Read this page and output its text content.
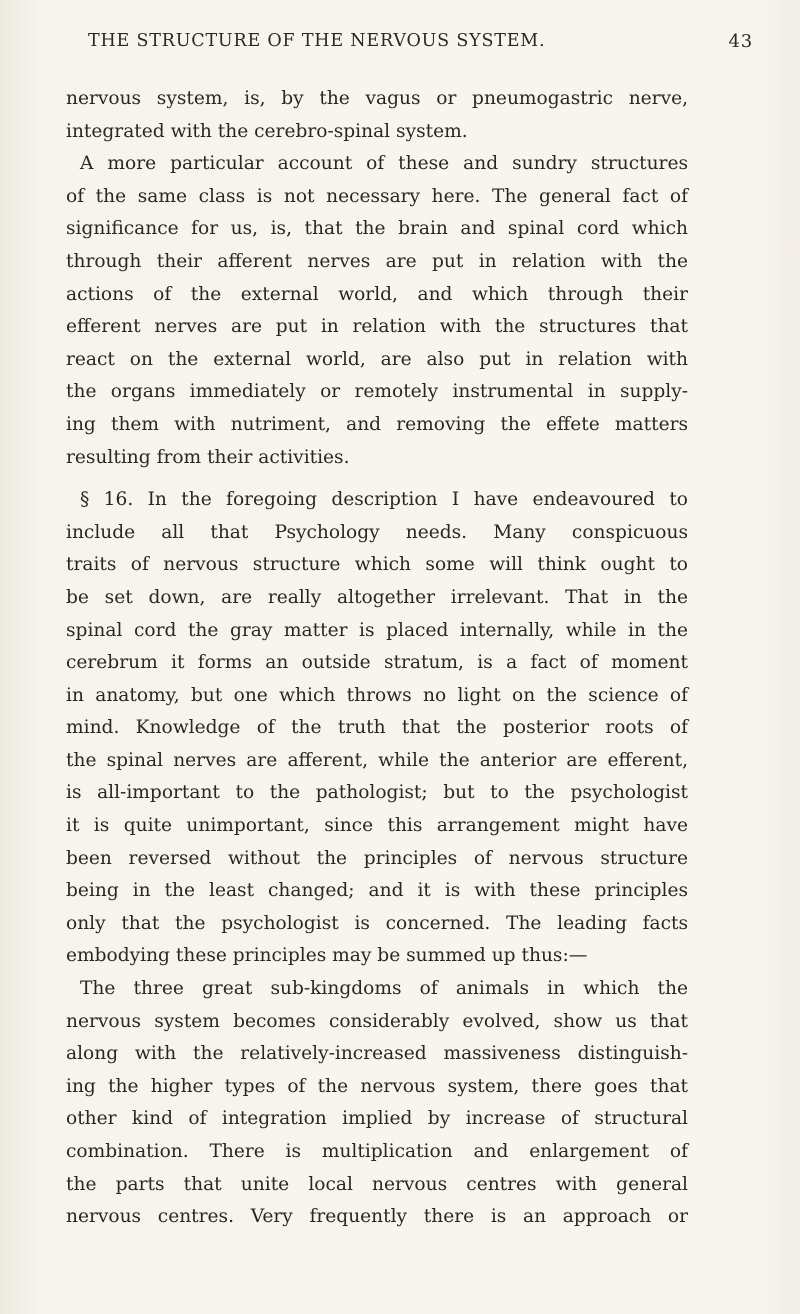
THE STRUCTURE OF THE NERVOUS SYSTEM.	43
nervous system, is, by the vagus or pneumogastric nerve,
integrated with the cerebro-spinal system.
A more particular account of these and sundry structures
of the same class is not necessary here. The general fact of
significance for us, is, that the brain and spinal cord which
through their afferent nerves are put in relation with the
actions of the external world, and which through their
efferent nerves are put in relation with the structures that
react on the external world, are also put in relation with
the organs immediately or remotely instrumental in supply-
ing them with nutriment, and removing the effete matters
resulting from their activities.
§ 16. In the foregoing description I have endeavoured to
include all that Psychology needs. Many conspicuous
traits of nervous structure which some will think ought to
be set down, are really altogether irrelevant. That in the
spinal cord the gray matter is placed internally, while in the
cerebrum it forms an outside stratum, is a fact of moment
in anatomy, but one which throws no light on the science of
mind. Knowledge of the truth that the posterior roots of
the spinal nerves are afferent, while the anterior are efferent,
is all-important to the pathologist; but to the psychologist
it is quite unimportant, since this arrangement might have
been reversed without the principles of nervous structure
being in the least changed; and it is with these principles
only that the psychologist is concerned. The leading facts
embodying these principles may be summed up thus:—
The three great sub-kingdoms of animals in which the
nervous system becomes considerably evolved, show us that
along with the relatively-increased massiveness distinguish-
ing the higher types of the nervous system, there goes that
other kind of integration implied by increase of structural
combination. There is multiplication and enlargement of
the parts that unite local nervous centres with general
nervous centres. Very frequently there is an approach or
